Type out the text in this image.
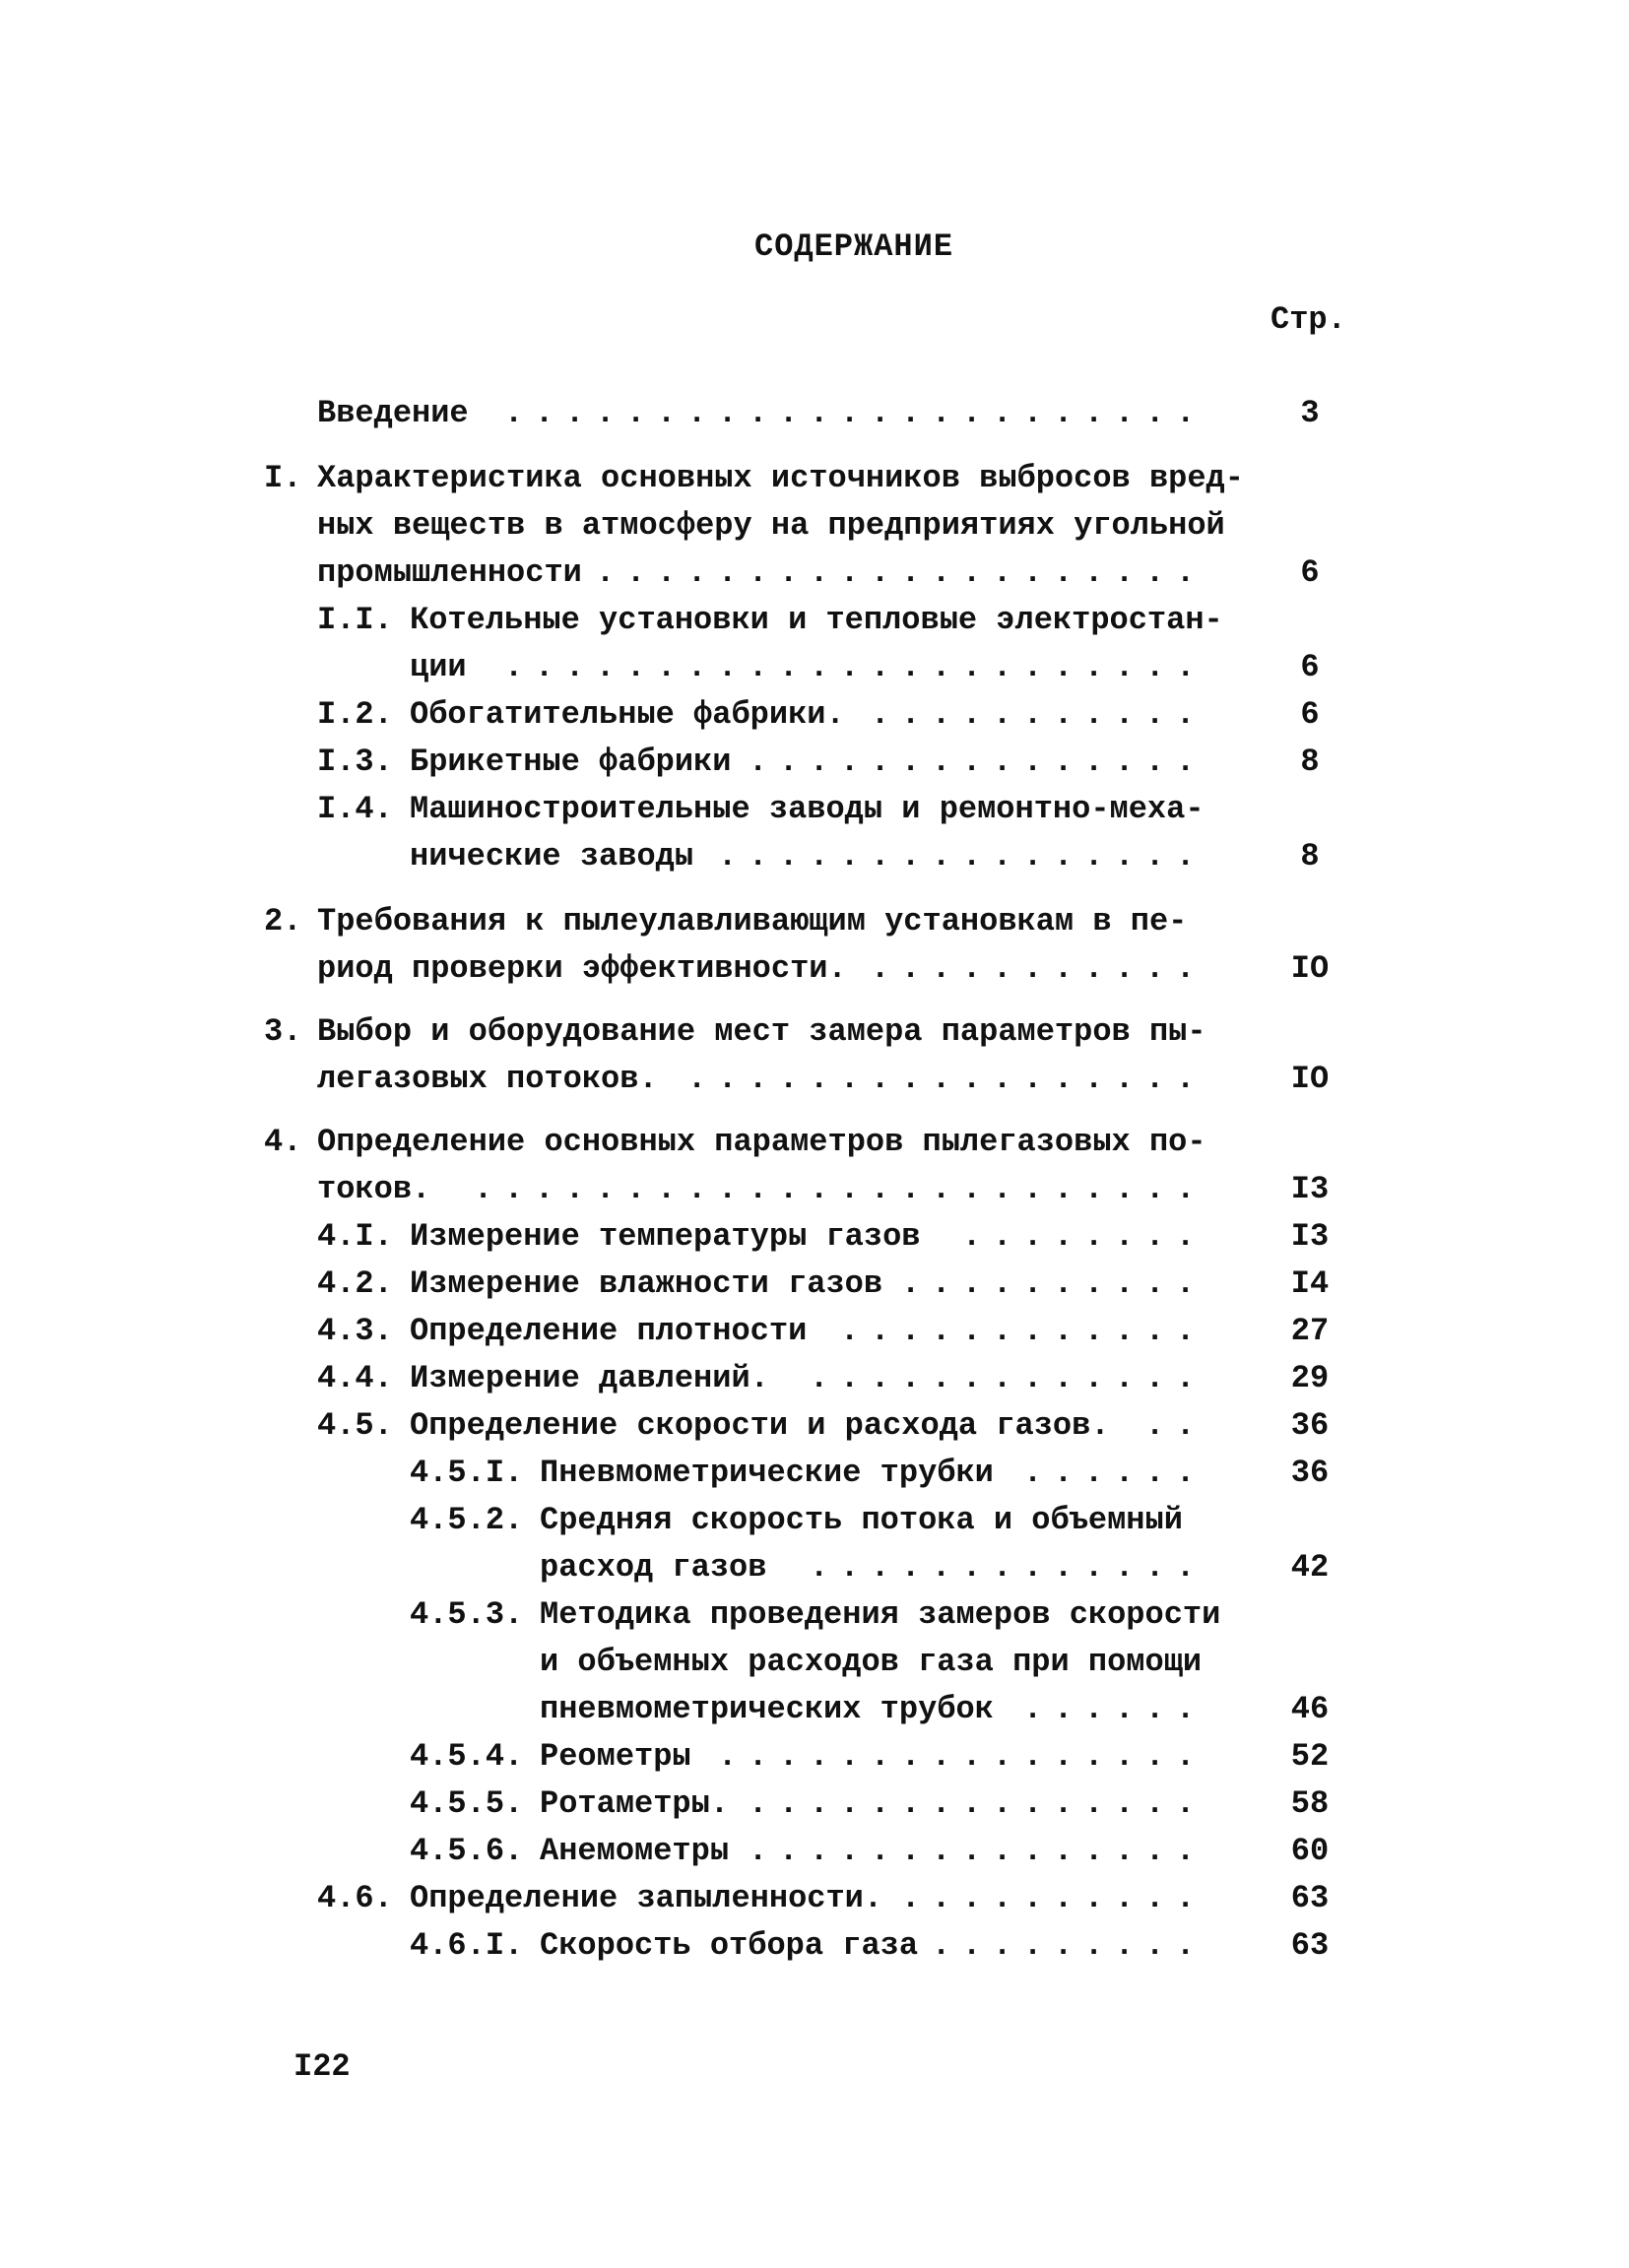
СОДЕРЖАНИЕ
Стр.
Введение .......................	3
I. Характеристика основных источников выбросов вред-
ных веществ в атмосферу на предприятиях угольной
промышленности ....................	6
I.I. Котельные установки и тепловые электростан-
ции .......................	6
I.2. Обогатительные фабрики. ...........	6
I.3. Брикетные фабрики ...............	8
I.4. Машиностроительные заводы и ремонтно-меха-
нические заводы ................	8
2. Требования к пылеулавливающим установкам в пе-
риод проверки эффективности. ...........	IO
3. Выбор и оборудование мест замера параметров пы-
легазовых потоков. .................	IO
4. Определение основных параметров пылегазовых по-
токов. ........................	I3
4.I. Измерение температуры газов ........	I3
4.2. Измерение влажности газов ..........	I4
4.3. Определение плотности ............	27
4.4. Измерение давлений. .............	29
4.5. Определение скорости и расхода газов. ..	36
4.5.I. Пневмометрические трубки ......	36
4.5.2. Средняя скорость потока и объемный
расход газов .............	42
4.5.3. Методика проведения замеров скорости
и объемных расходов газа при помощи
пневмометрических трубок ......	46
4.5.4. Реометры ................	52
4.5.5. Ротаметры. ...............	58
4.5.6. Анемометры ...............	60
4.6. Определение запыленности. ..........	63
4.6.I. Скорость отбора газа .........	63
I22
